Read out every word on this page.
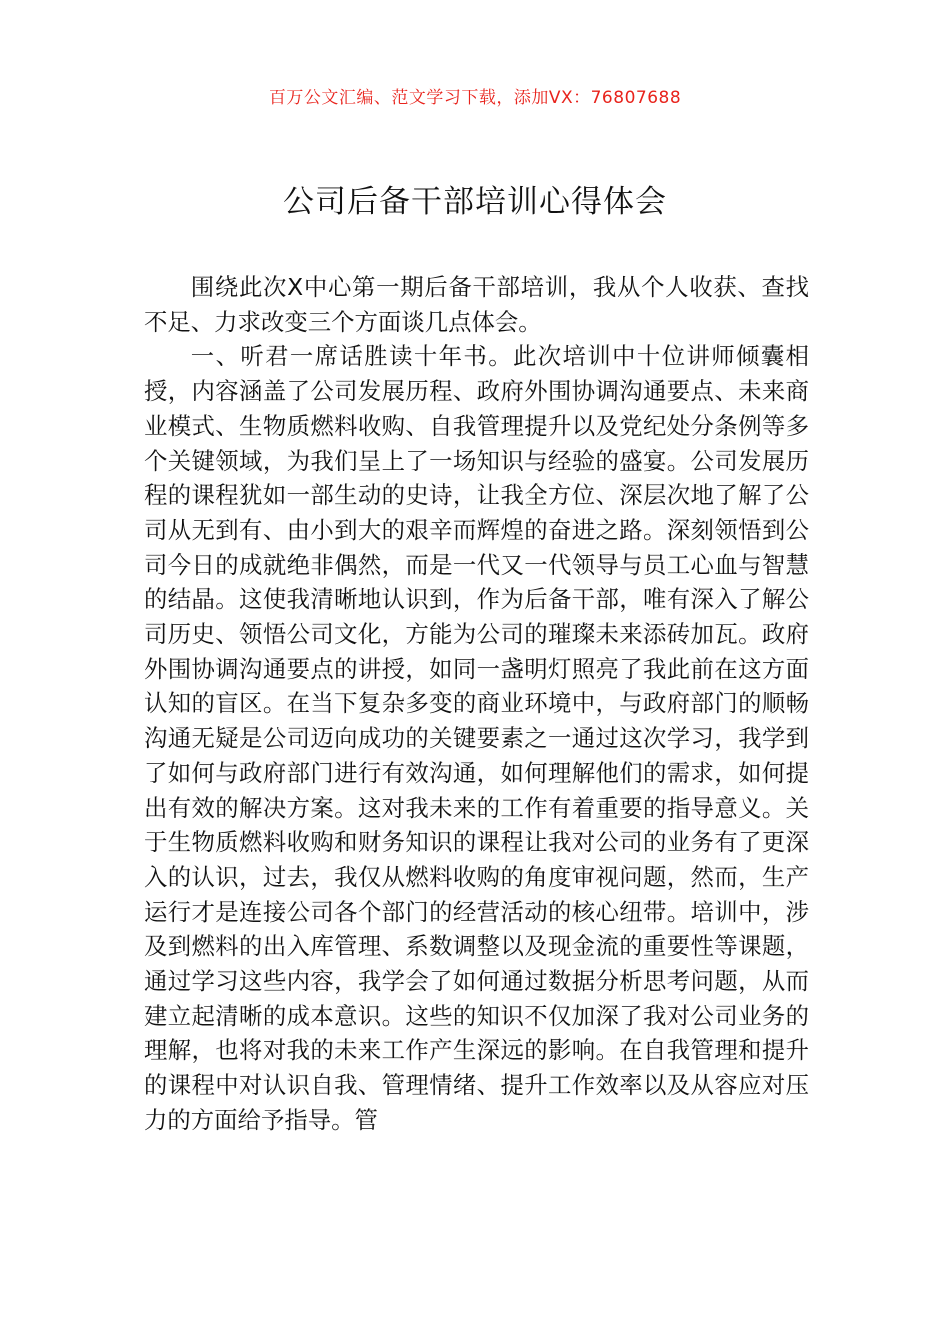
百万公文汇编、范文学习下载，添加VX：76807688
公司后备干部培训心得体会

围绕此次X中心第一期后备干部培训，我从个人收获、查找不足、力求改变三个方面谈几点体会。

一、听君一席话胜读十年书。此次培训中十位讲师倾囊相授，内容涵盖了公司发展历程、政府外围协调沟通要点、未来商业模式、生物质燃料收购、自我管理提升以及党纪处分条例等多个关键领域，为我们呈上了一场知识与经验的盛宴。公司发展历程的课程犹如一部生动的史诗，让我全方位、深层次地了解了公司从无到有、由小到大的艰辛而辉煌的奋进之路。深刻领悟到公司今日的成就绝非偶然，而是一代又一代领导与员工心血与智慧的结晶。这使我清晰地认识到，作为后备干部，唯有深入了解公司历史、领悟公司文化，方能为公司的璀璨未来添砖加瓦。政府外围协调沟通要点的讲授，如同一盏明灯照亮了我此前在这方面认知的盲区。在当下复杂多变的商业环境中，与政府部门的顺畅沟通无疑是公司迈向成功的关键要素之一通过这次学习，我学到了如何与政府部门进行有效沟通，如何理解他们的需求，如何提出有效的解决方案。这对我未来的工作有着重要的指导意义。关于生物质燃料收购和财务知识的课程让我对公司的业务有了更深入的认识，过去，我仅从燃料收购的角度审视问题，然而，生产运行才是连接公司各个部门的经营活动的核心纽带。培训中，涉及到燃料的出入库管理、系数调整以及现金流的重要性等课题，通过学习这些内容，我学会了如何通过数据分析思考问题，从而建立起清晰的成本意识。这些的知识不仅加深了我对公司业务的理解，也将对我的未来工作产生深远的影响。在自我管理和提升的课程中对认识自我、管理情绪、提升工作效率以及从容应对压力的方面给予指导。管
